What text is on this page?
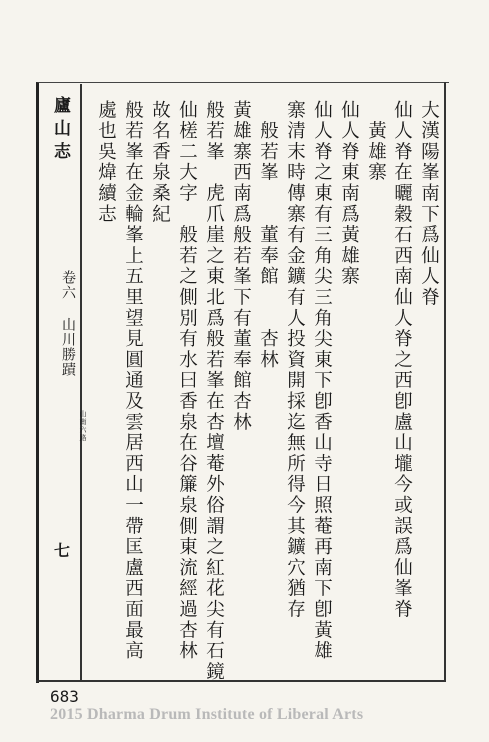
廬山志
卷六 山川勝蹟
山南六路
七
大漢陽峯南下爲仙人脊
仙人脊在曬穀石西南仙人脊之西卽盧山壠今或誤爲仙峯脊
　黃雄寨
仙人脊東南爲黃雄寨
仙人脊之東有三角尖三角尖東下卽香山寺日照菴再南下卽黃雄
寨清末時傳寨有金鑛有人投資開採迄無所得今其鑛穴猶存
　般若峯　　董奉館　　杏林
黃雄寨西南爲般若峯下有董奉館杏林
般若峯　虎爪崖之東北爲般若峯在杏壇菴外俗謂之紅花尖有石鏡
仙槎二大字　般若之側別有水曰香泉在谷簾泉側東流經過杏林
故名香泉桑紀
般若峯在金輪峯上五里望見圓通及雲居西山一帶匡盧西面最高
處也吳煒續志
683
2015 Dharma Drum Institute of Liberal Arts
